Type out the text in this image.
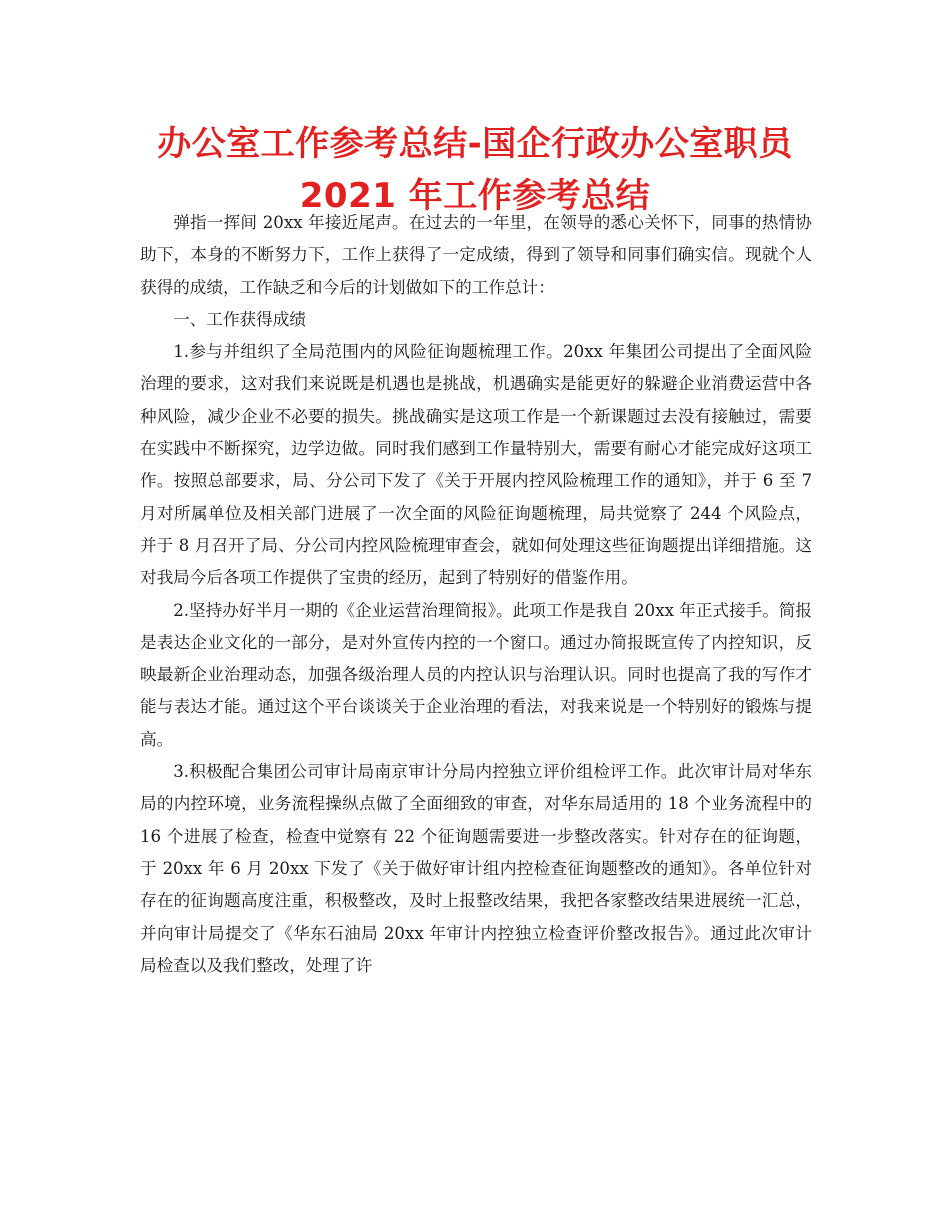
办公室工作参考总结-国企行政办公室职员 2021 年工作参考总结

弹指一挥间 20xx 年接近尾声。在过去的一年里，在领导的悉心关怀下，同事的热情协助下，本身的不断努力下，工作上获得了一定成绩，得到了领导和同事们确实信。现就个人获得的成绩，工作缺乏和今后的计划做如下的工作总计：

一、工作获得成绩

1.参与并组织了全局范围内的风险征询题梳理工作。20xx 年集团公司提出了全面风险治理的要求，这对我们来说既是机遇也是挑战，机遇确实是能更好的躲避企业消费运营中各种风险，减少企业不必要的损失。挑战确实是这项工作是一个新课题过去没有接触过，需要在实践中不断探究，边学边做。同时我们感到工作量特别大，需要有耐心才能完成好这项工作。按照总部要求，局、分公司下发了《关于开展内控风险梳理工作的通知》，并于 6 至 7 月对所属单位及相关部门进展了一次全面的风险征询题梳理，局共觉察了 244 个风险点，并于 8 月召开了局、分公司内控风险梳理审查会，就如何处理这些征询题提出详细措施。这对我局今后各项工作提供了宝贵的经历，起到了特别好的借鉴作用。

2.坚持办好半月一期的《企业运营治理简报》。此项工作是我自 20xx 年正式接手。简报是表达企业文化的一部分，是对外宣传内控的一个窗口。通过办简报既宣传了内控知识，反映最新企业治理动态，加强各级治理人员的内控认识与治理认识。同时也提高了我的写作才能与表达才能。通过这个平台谈谈关于企业治理的看法，对我来说是一个特别好的锻炼与提高。

3.积极配合集团公司审计局南京审计分局内控独立评价组检评工作。此次审计局对华东局的内控环境，业务流程操纵点做了全面细致的审查，对华东局适用的 18 个业务流程中的 16 个进展了检查，检查中觉察有 22 个征询题需要进一步整改落实。针对存在的征询题，于 20xx 年 6 月 20xx 下发了《关于做好审计组内控检查征询题整改的通知》。各单位针对存在的征询题高度注重，积极整改，及时上报整改结果，我把各家整改结果进展统一汇总，并向审计局提交了《华东石油局 20xx 年审计内控独立检查评价整改报告》。通过此次审计局检查以及我们整改，处理了许
